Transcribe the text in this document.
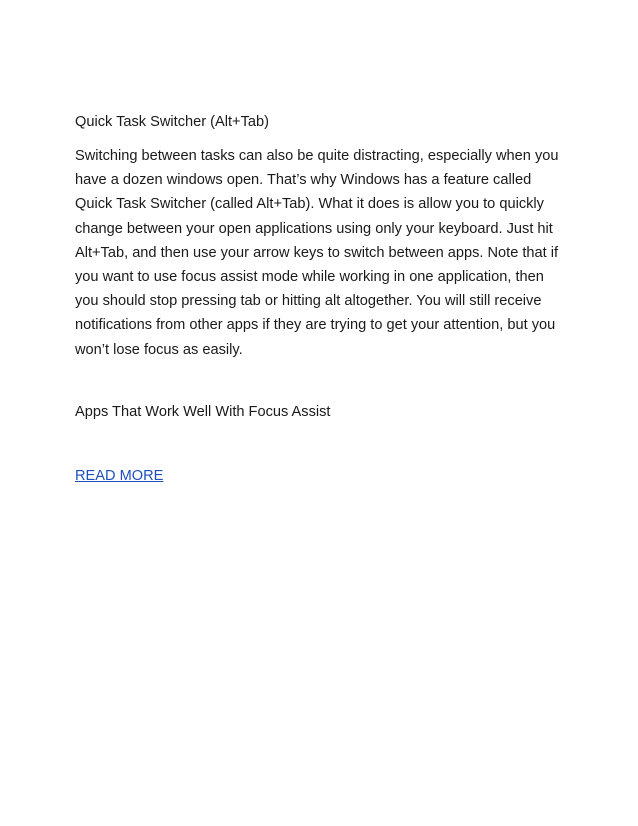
Quick Task Switcher (Alt+Tab)

Switching between tasks can also be quite distracting, especially when you have a dozen windows open. That’s why Windows has a feature called Quick Task Switcher (called Alt+Tab). What it does is allow you to quickly change between your open applications using only your keyboard. Just hit Alt+Tab, and then use your arrow keys to switch between apps. Note that if you want to use focus assist mode while working in one application, then you should stop pressing tab or hitting alt altogether. You will still receive notifications from other apps if they are trying to get your attention, but you won’t lose focus as easily.

Apps That Work Well With Focus Assist

READ MORE
